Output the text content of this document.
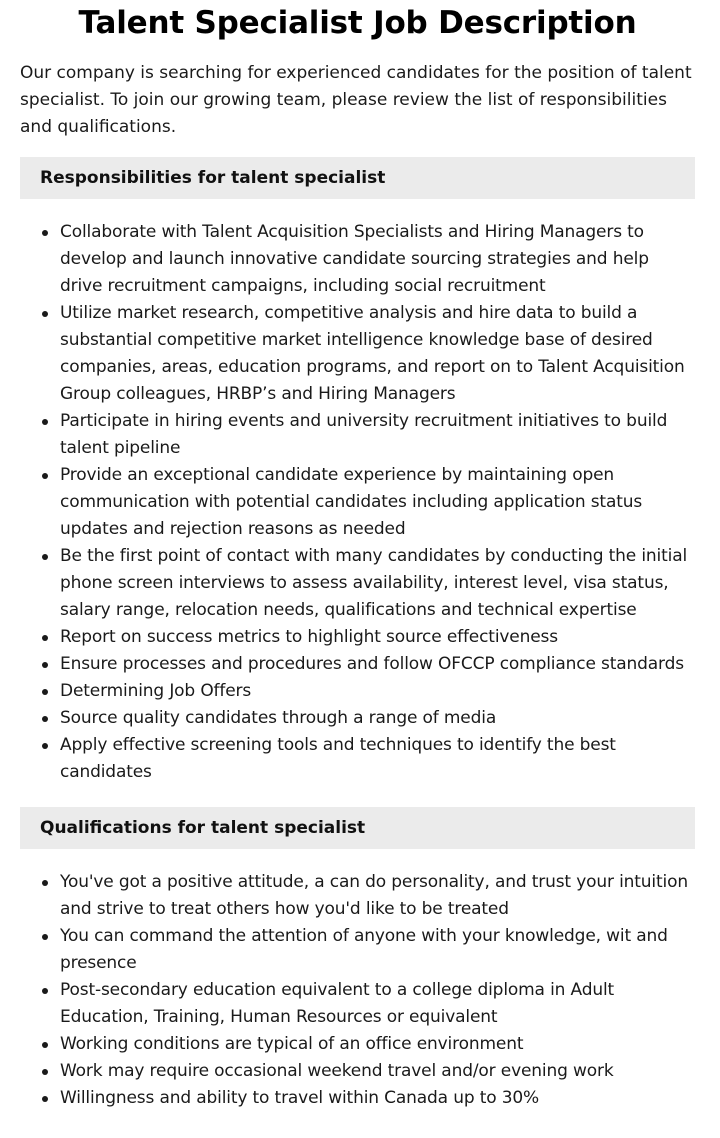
Talent Specialist Job Description

Our company is searching for experienced candidates for the position of talent specialist. To join our growing team, please review the list of responsibilities and qualifications.

Responsibilities for talent specialist
Collaborate with Talent Acquisition Specialists and Hiring Managers to develop and launch innovative candidate sourcing strategies and help drive recruitment campaigns, including social recruitment
Utilize market research, competitive analysis and hire data to build a substantial competitive market intelligence knowledge base of desired companies, areas, education programs, and report on to Talent Acquisition Group colleagues, HRBP’s and Hiring Managers
Participate in hiring events and university recruitment initiatives to build talent pipeline
Provide an exceptional candidate experience by maintaining open communication with potential candidates including application status updates and rejection reasons as needed
Be the first point of contact with many candidates by conducting the initial phone screen interviews to assess availability, interest level, visa status, salary range, relocation needs, qualifications and technical expertise
Report on success metrics to highlight source effectiveness
Ensure processes and procedures and follow OFCCP compliance standards
Determining Job Offers
Source quality candidates through a range of media
Apply effective screening tools and techniques to identify the best candidates
Qualifications for talent specialist
You've got a positive attitude, a can do personality, and trust your intuition and strive to treat others how you'd like to be treated
You can command the attention of anyone with your knowledge, wit and presence
Post-secondary education equivalent to a college diploma in Adult Education, Training, Human Resources or equivalent
Working conditions are typical of an office environment
Work may require occasional weekend travel and/or evening work
Willingness and ability to travel within Canada up to 30%
